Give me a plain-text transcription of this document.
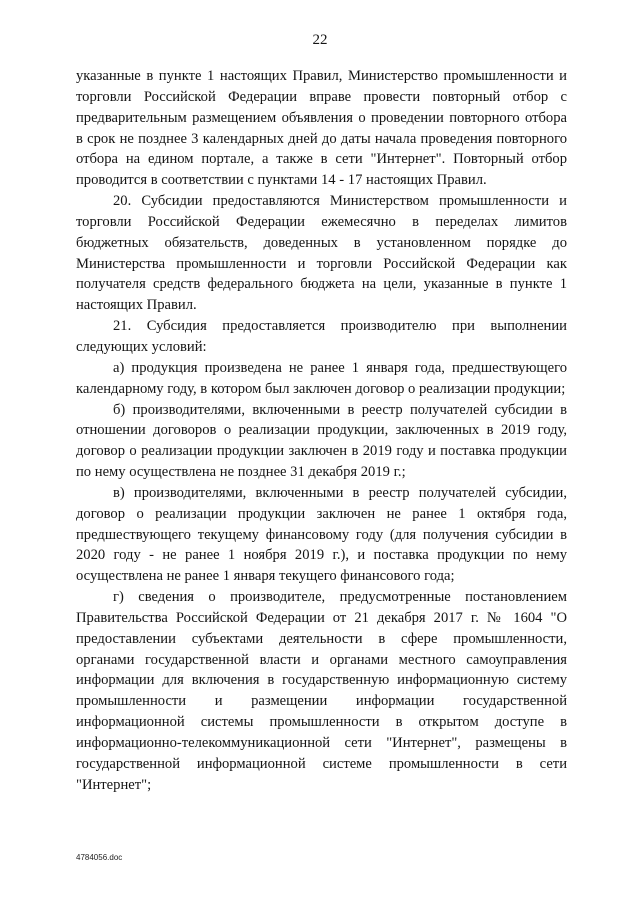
22

указанные в пункте 1 настоящих Правил, Министерство промышленности и торговли Российской Федерации вправе провести повторный отбор с предварительным размещением объявления о проведении повторного отбора в срок не позднее 3 календарных дней до даты начала проведения повторного отбора на едином портале, а также в сети "Интернет". Повторный отбор проводится в соответствии с пунктами 14 - 17 настоящих Правил.

20. Субсидии предоставляются Министерством промышленности и торговли Российской Федерации ежемесячно в переделах лимитов бюджетных обязательств, доведенных в установленном порядке до Министерства промышленности и торговли Российской Федерации как получателя средств федерального бюджета на цели, указанные в пункте 1 настоящих Правил.

21. Субсидия предоставляется производителю при выполнении следующих условий:

а) продукция произведена не ранее 1 января года, предшествующего календарному году, в котором был заключен договор о реализации продукции;

б) производителями, включенными в реестр получателей субсидии в отношении договоров о реализации продукции, заключенных в 2019 году, договор о реализации продукции заключен в 2019 году и поставка продукции по нему осуществлена не позднее 31 декабря 2019 г.;

в) производителями, включенными в реестр получателей субсидии, договор о реализации продукции заключен не ранее 1 октября года, предшествующего текущему финансовому году (для получения субсидии в 2020 году - не ранее 1 ноября 2019 г.), и поставка продукции по нему осуществлена не ранее 1 января текущего финансового года;

г) сведения о производителе, предусмотренные постановлением Правительства Российской Федерации от 21 декабря 2017 г. № 1604 "О предоставлении субъектами деятельности в сфере промышленности, органами государственной власти и органами местного самоуправления информации для включения в государственную информационную систему промышленности и размещении информации государственной информационной системы промышленности в открытом доступе в информационно-телекоммуникационной сети "Интернет", размещены в государственной информационной системе промышленности в сети "Интернет";

4784056.doc
